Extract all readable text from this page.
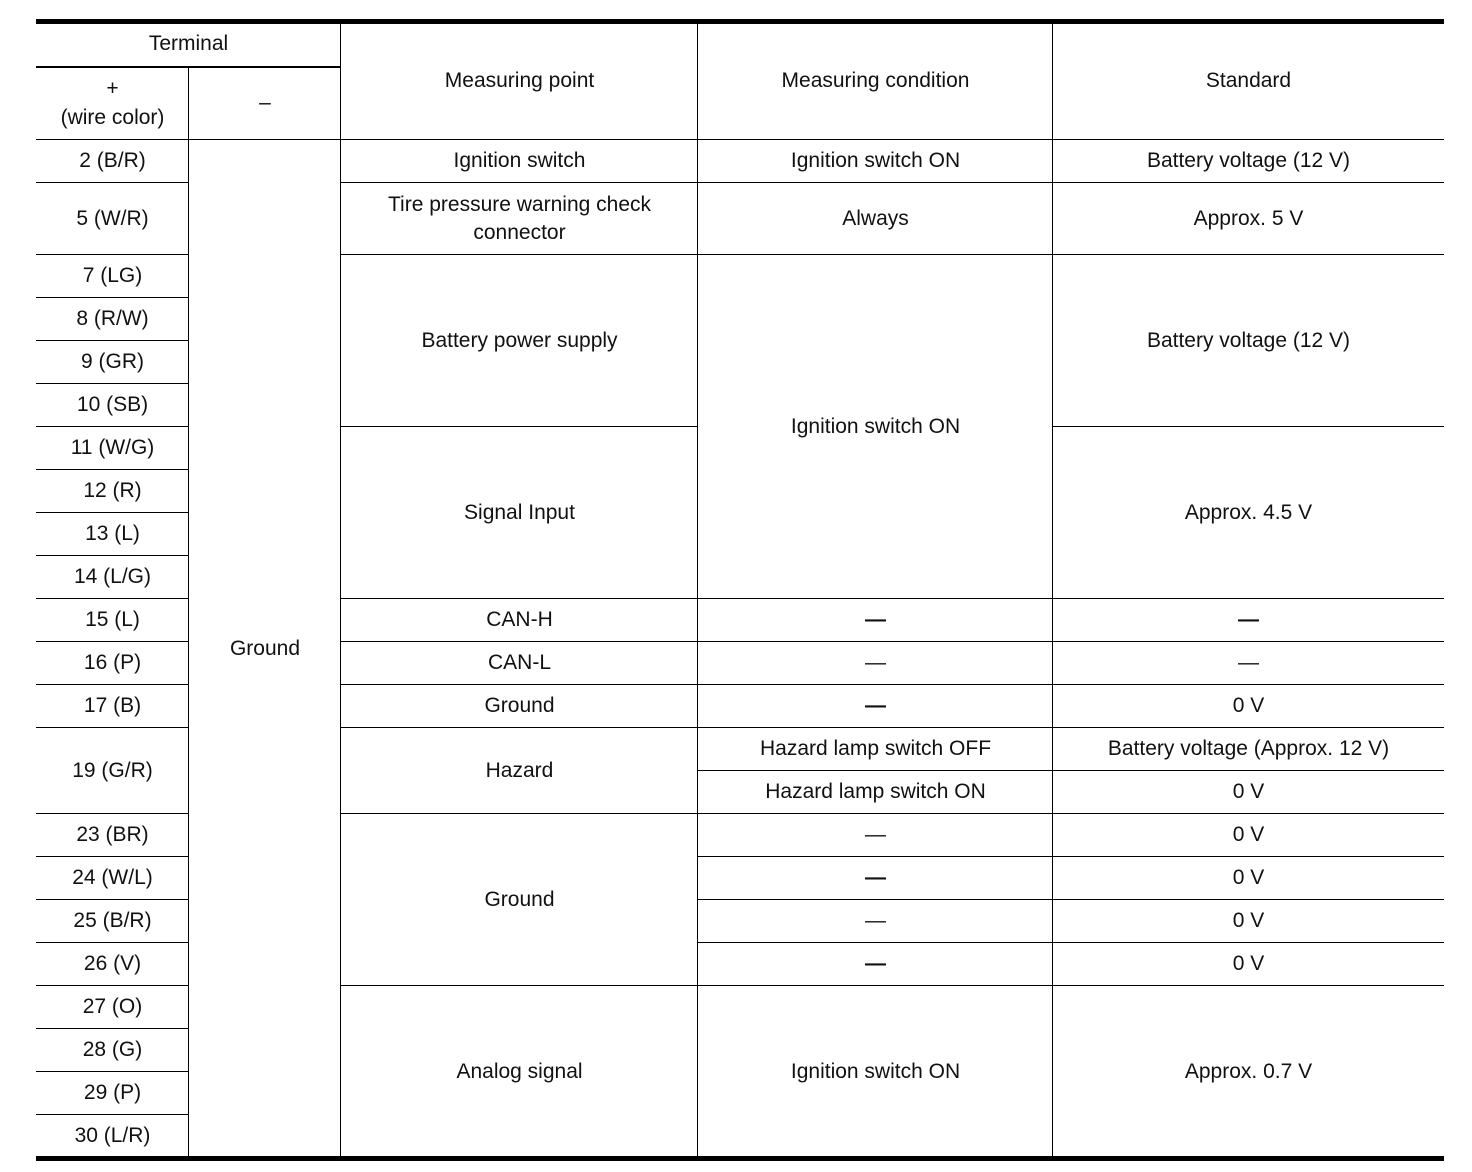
Terminal
+
(wire color)
–
Measuring point	Measuring condition	Standard
2 (B/R)
5 (W/R)
7 (LG)
8 (R/W)
9 (GR)
10 (SB)
11 (W/G)
12 (R)
13 (L)
14 (L/G)
15 (L)
16 (P)
17 (B)
19 (G/R)
23 (BR)
24 (W/L)
25 (B/R)
26 (V)
27 (O)
28 (G)
29 (P)
30 (L/R)
Ground
Ignition switch
Tire pressure warning check
connector
Battery power supply
Signal Input
CAN-H
CAN-L
Ground
Hazard
Ground
Analog signal
Ignition switch ON
Always
Ignition switch ON
—
—
—
Hazard lamp switch OFF
Hazard lamp switch ON
—
—
—
—
Ignition switch ON
Battery voltage (12 V)
Approx. 5 V
Battery voltage (12 V)
Approx. 4.5 V
—
—
0 V
Battery voltage (Approx. 12 V)
0 V
0 V
0 V
0 V
0 V
Approx. 0.7 V
